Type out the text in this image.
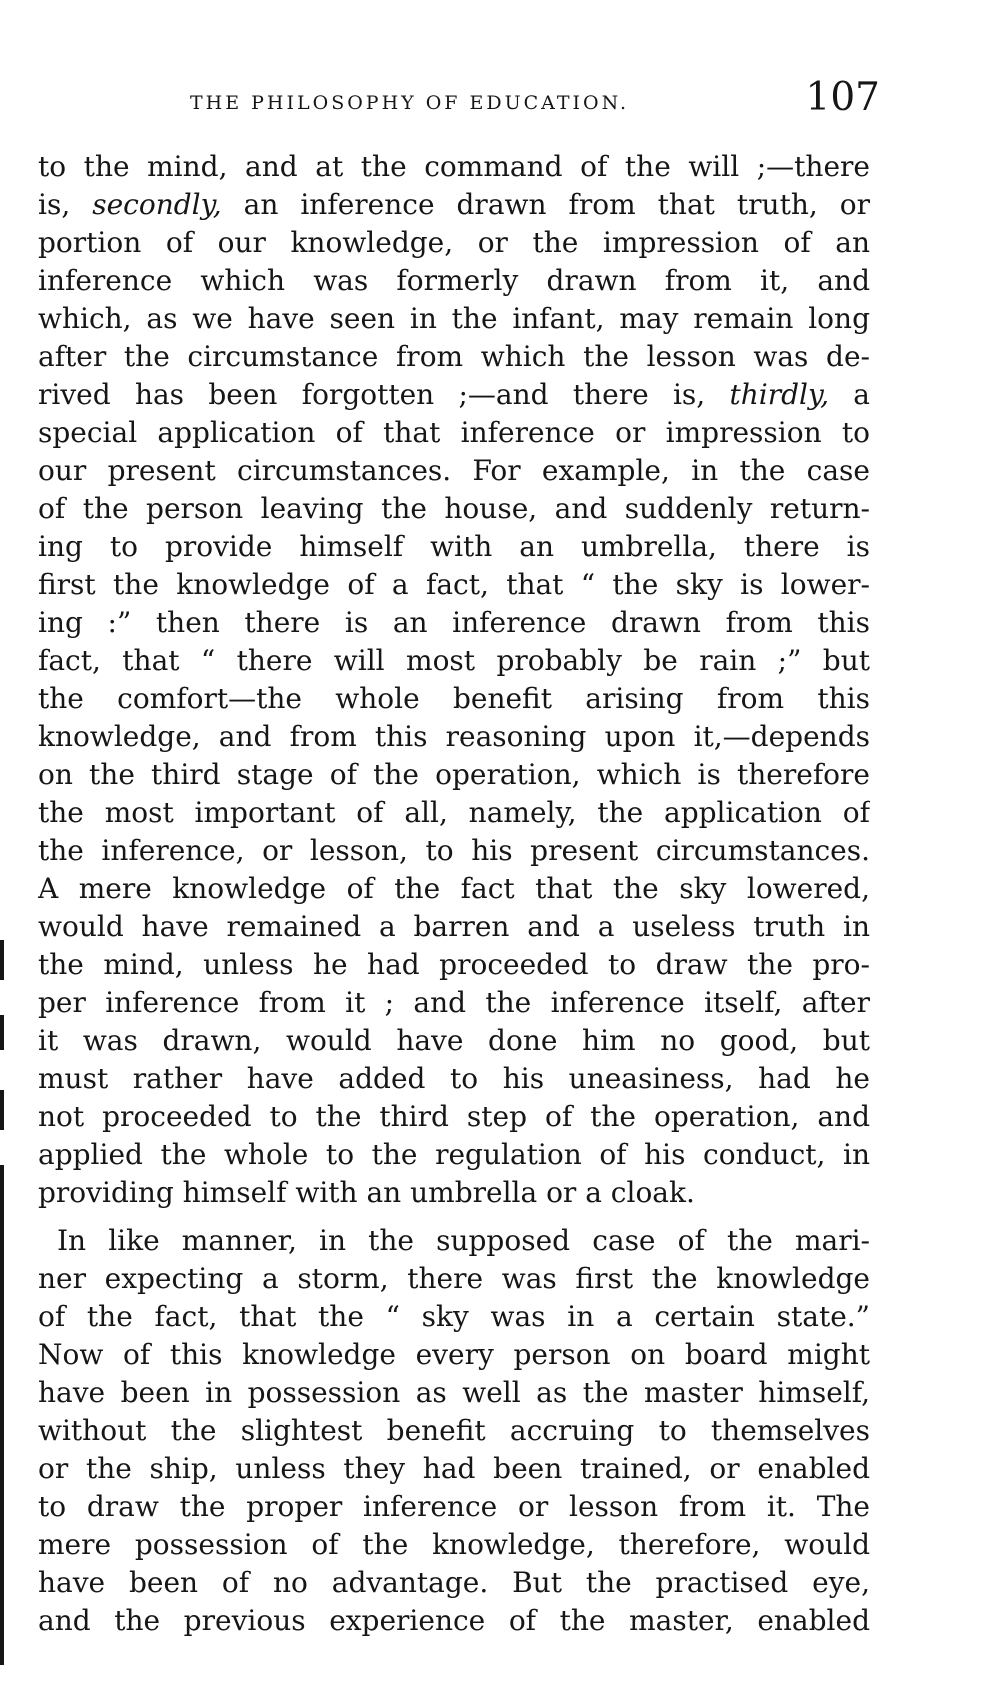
THE PHILOSOPHY OF EDUCATION.	107
to the mind, and at the command of the will ;—there
is, secondly, an inference drawn from that truth, or
portion of our knowledge, or the impression of an
inference which was formerly drawn from it, and
which, as we have seen in the infant, may remain long
after the circumstance from which the lesson was de-
rived has been forgotten ;—and there is, thirdly, a
special application of that inference or impression to
our present circumstances. For example, in the case
of the person leaving the house, and suddenly return-
ing to provide himself with an umbrella, there is
first the knowledge of a fact, that “ the sky is lower-
ing :” then there is an inference drawn from this
fact, that “ there will most probably be rain ;” but
the comfort—the whole benefit arising from this
knowledge, and from this reasoning upon it,—depends
on the third stage of the operation, which is therefore
the most important of all, namely, the application of
the inference, or lesson, to his present circumstances.
A mere knowledge of the fact that the sky lowered,
would have remained a barren and a useless truth in
the mind, unless he had proceeded to draw the pro-
per inference from it ; and the inference itself, after
it was drawn, would have done him no good, but
must rather have added to his uneasiness, had he
not proceeded to the third step of the operation, and
applied the whole to the regulation of his conduct, in
providing himself with an umbrella or a cloak.
In like manner, in the supposed case of the mari-
ner expecting a storm, there was first the knowledge
of the fact, that the “ sky was in a certain state.”
Now of this knowledge every person on board might
have been in possession as well as the master himself,
without the slightest benefit accruing to themselves
or the ship, unless they had been trained, or enabled
to draw the proper inference or lesson from it. The
mere possession of the knowledge, therefore, would
have been of no advantage. But the practised eye,
and the previous experience of the master, enabled
